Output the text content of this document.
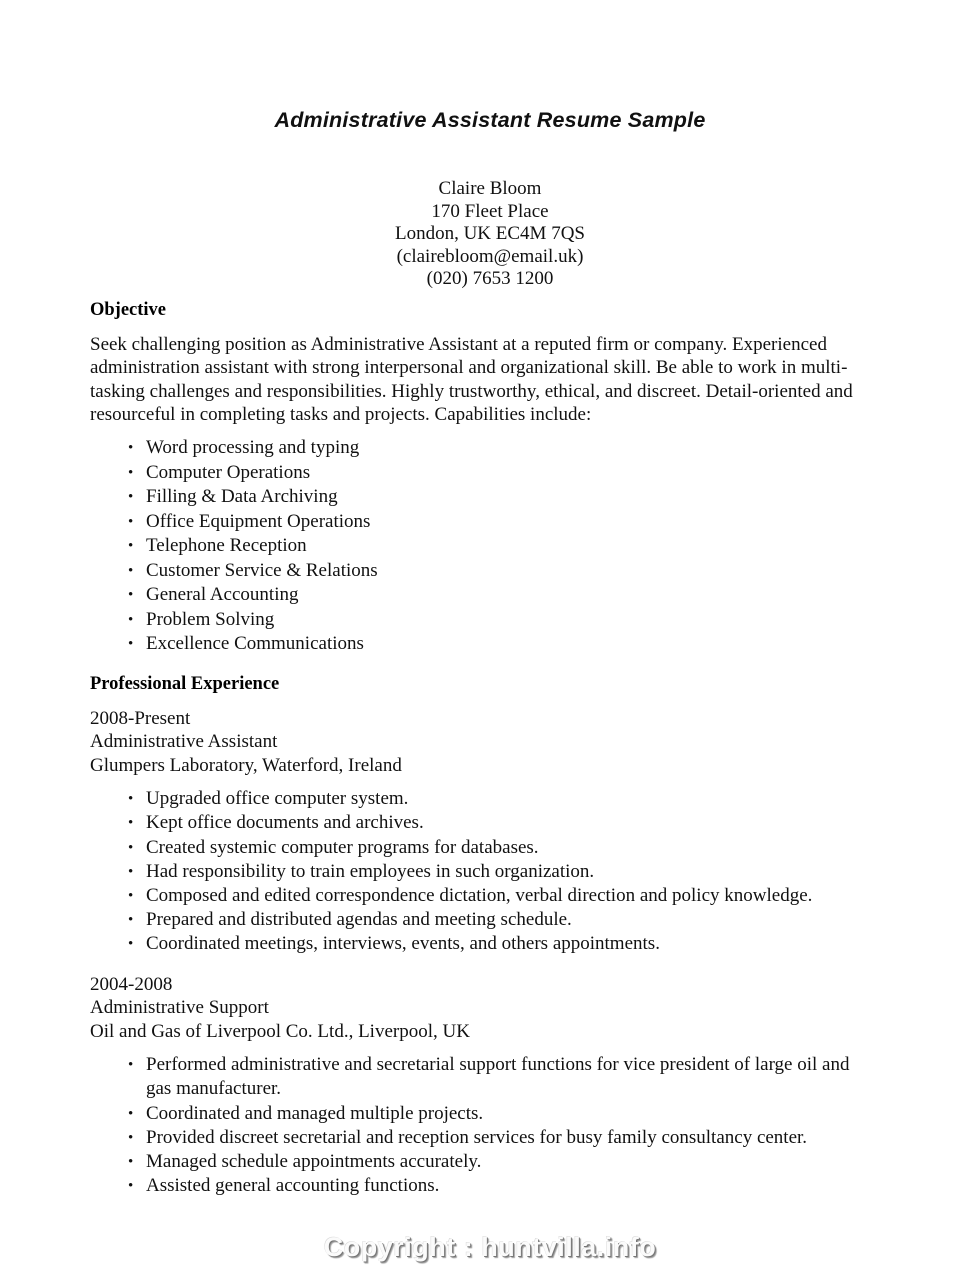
Administrative Assistant Resume Sample
Claire Bloom
170 Fleet Place
London, UK EC4M 7QS
(clairebloom@email.uk)
(020) 7653 1200
Objective

Seek challenging position as Administrative Assistant at a reputed firm or company. Experienced administration assistant with strong interpersonal and organizational skill. Be able to work in multi-tasking challenges and responsibilities. Highly trustworthy, ethical, and discreet. Detail-oriented and resourceful in completing tasks and projects. Capabilities include:

• Word processing and typing
• Computer Operations
• Filling & Data Archiving
• Office Equipment Operations
• Telephone Reception
• Customer Service & Relations
• General Accounting
• Problem Solving
• Excellence Communications
Professional Experience
2008-Present
Administrative Assistant
Glumpers Laboratory, Waterford, Ireland
• Upgraded office computer system.
• Kept office documents and archives.
• Created systemic computer programs for databases.
• Had responsibility to train employees in such organization.
• Composed and edited correspondence dictation, verbal direction and policy knowledge.
• Prepared and distributed agendas and meeting schedule.
• Coordinated meetings, interviews, events, and others appointments.
2004-2008
Administrative Support
Oil and Gas of Liverpool Co. Ltd., Liverpool, UK
• Performed administrative and secretarial support functions for vice president of large oil and gas manufacturer.
• Coordinated and managed multiple projects.
• Provided discreet secretarial and reception services for busy family consultancy center.
• Managed schedule appointments accurately.
• Assisted general accounting functions.
Copyright : huntvilla.info
